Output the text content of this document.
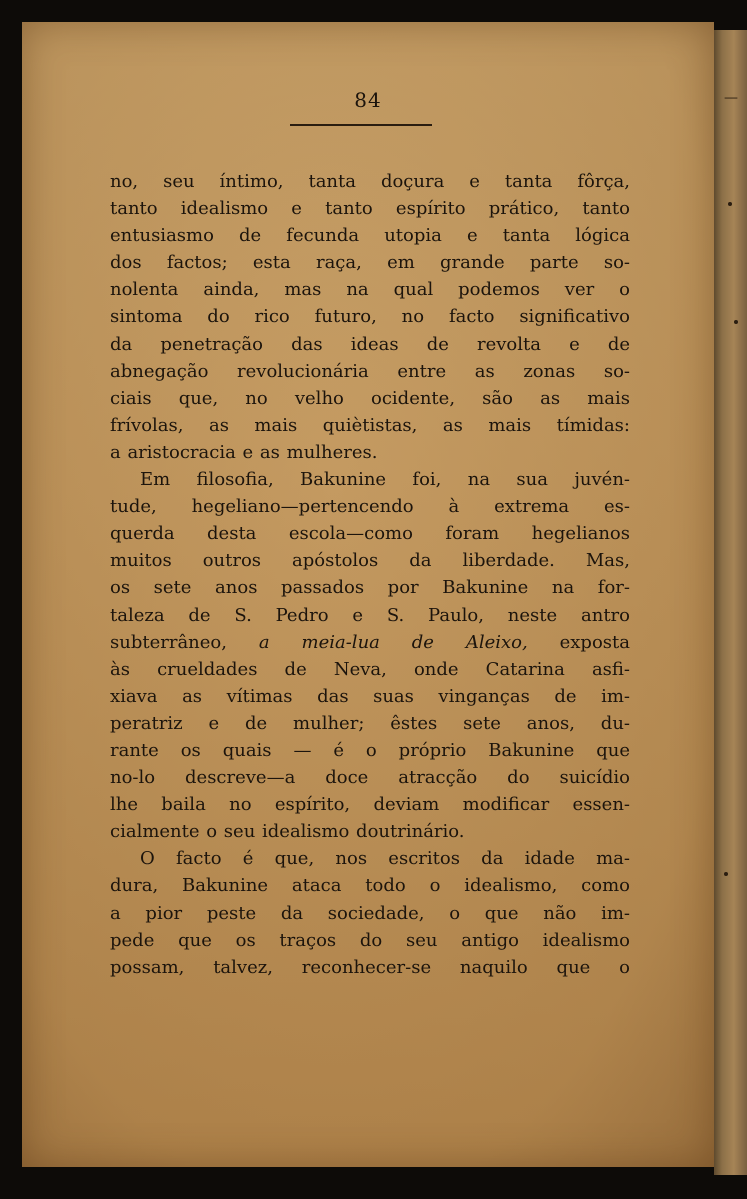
—
84
no, seu íntimo, tanta doçura e tanta fôrça,
tanto idealismo e tanto espírito prático, tanto
entusiasmo de fecunda utopia e tanta lógica
dos factos; esta raça, em grande parte so-
nolenta ainda, mas na qual podemos ver o
sintoma do rico futuro, no facto significativo
da penetração das ideas de revolta e de
abnegação revolucionária entre as zonas so-
ciais que, no velho ocidente, são as mais
frívolas, as mais quiètistas, as mais tímidas:
a aristocracia e as mulheres.
Em filosofia, Bakunine foi, na sua juvén-
tude, hegeliano—pertencendo à extrema es-
querda desta escola—como foram hegelianos
muitos outros apóstolos da liberdade. Mas,
os sete anos passados por Bakunine na for-
taleza de S. Pedro e S. Paulo, neste antro
subterrâneo, a meia-lua de Aleixo, exposta
às crueldades de Neva, onde Catarina asfi-
xiava as vítimas das suas vinganças de im-
peratriz e de mulher; êstes sete anos, du-
rante os quais — é o próprio Bakunine que
no-lo descreve—a doce atracção do suicídio
lhe baila no espírito, deviam modificar essen-
cialmente o seu idealismo doutrinário.
O facto é que, nos escritos da idade ma-
dura, Bakunine ataca todo o idealismo, como
a pior peste da sociedade, o que não im-
pede que os traços do seu antigo idealismo
possam, talvez, reconhecer-se naquilo que o
